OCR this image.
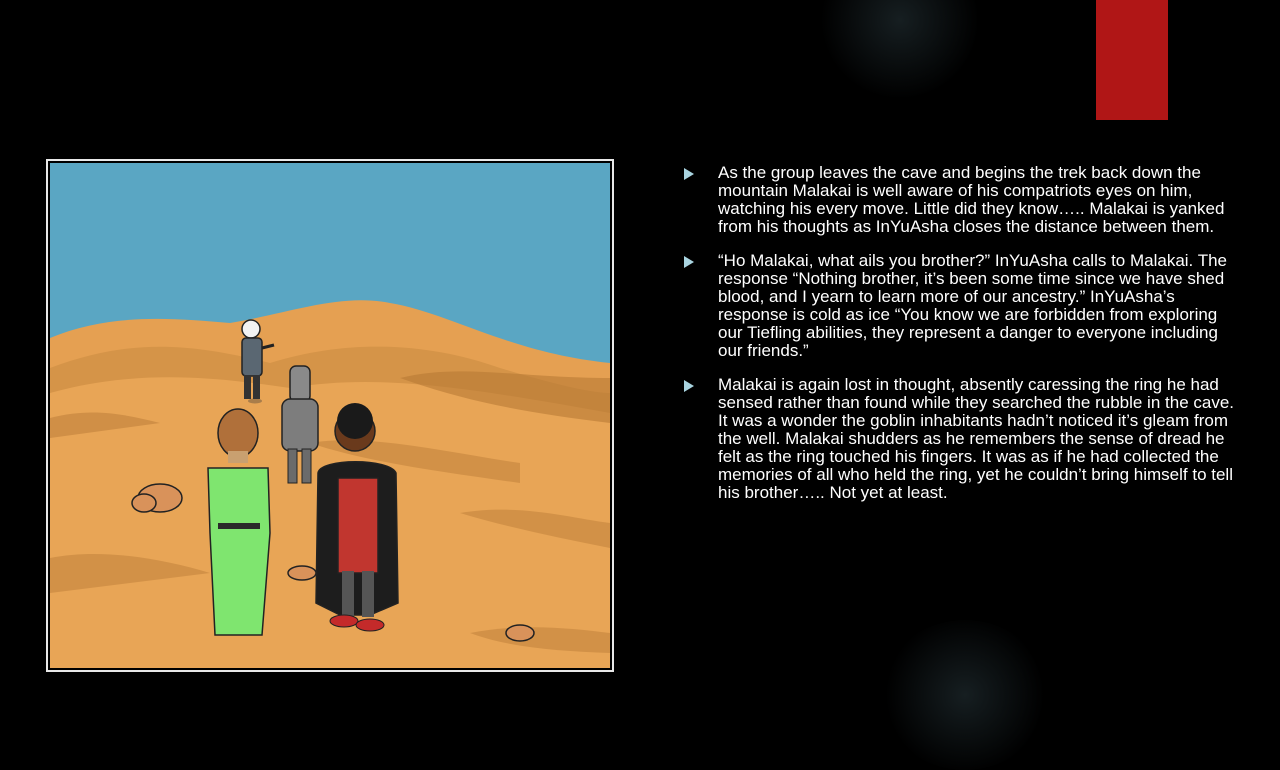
As the group leaves the cave and begins the trek back down the mountain Malakai is well aware of his compatriots eyes on him, watching his every move. Little did they know….. Malakai is yanked from his thoughts as InYuAsha closes the distance between them.
“Ho Malakai, what ails you brother?” InYuAsha calls to Malakai. The response “Nothing brother, it’s been some time since we have shed blood, and I yearn to learn more of our ancestry.” InYuAsha’s response is cold as ice “You know we are forbidden from exploring our Tiefling abilities, they represent a danger to everyone including our friends.”
Malakai is again lost in thought, absently caressing the ring he had sensed rather than found while they searched the rubble in the cave. It was a wonder the goblin inhabitants hadn’t noticed it’s gleam from the well. Malakai shudders as he remembers the sense of dread he felt as the ring touched his fingers. It was as if he had collected the memories of all who held the ring, yet he couldn’t bring himself to tell his brother….. Not yet at least.
